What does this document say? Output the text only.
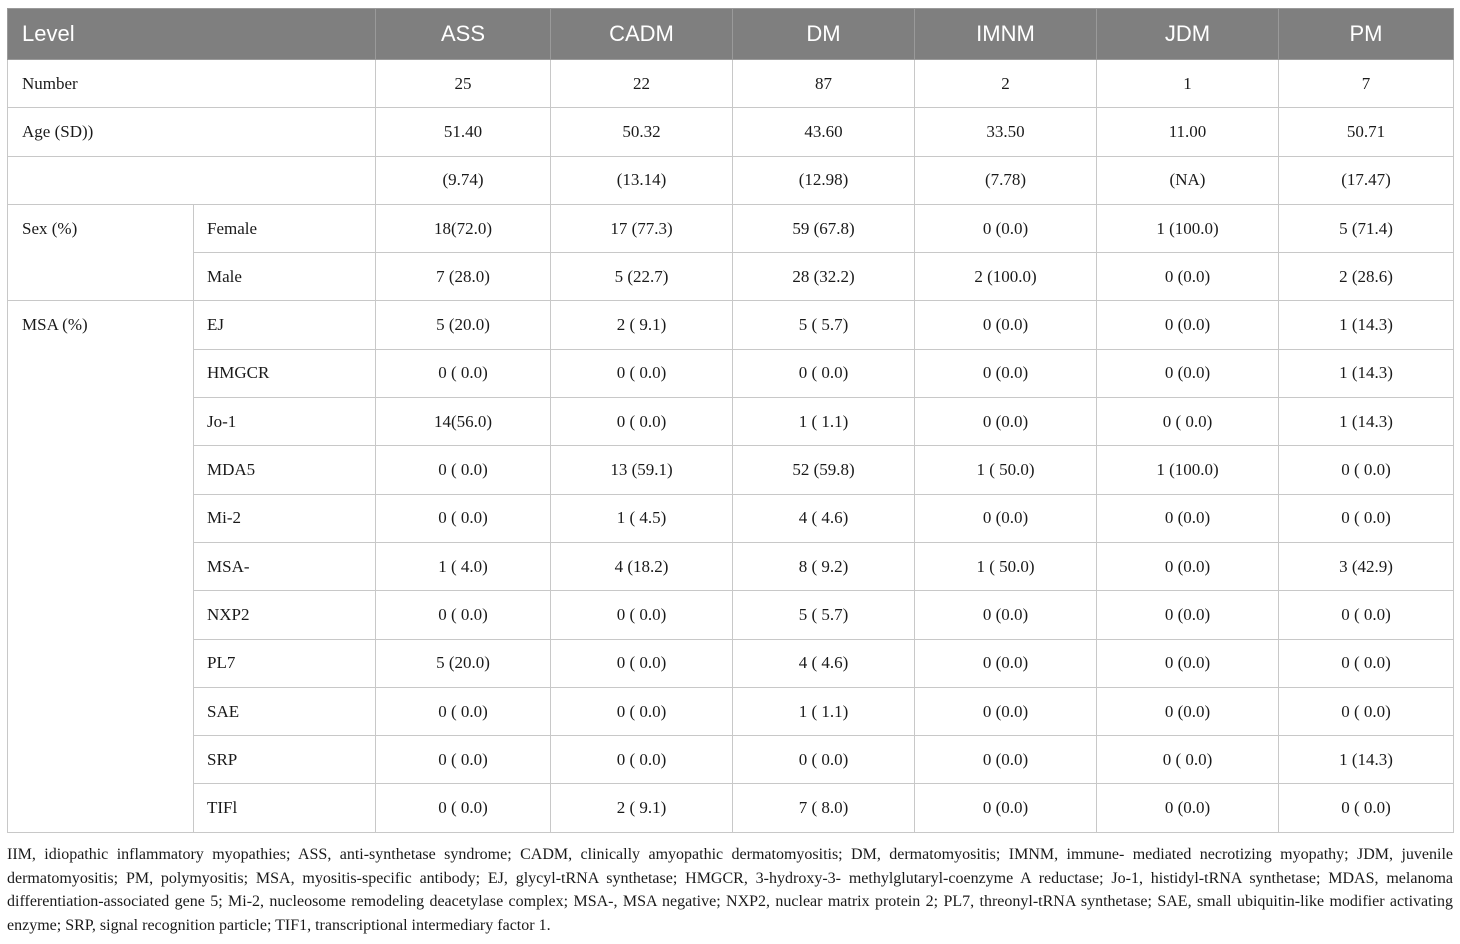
Level		ASS	CADM	DM	IMNM	JDM	PM
Number		25	22	87	2	1	7
Age (SD))		51.40	50.32	43.60	33.50	11.00	50.71
		(9.74)	(13.14)	(12.98)	(7.78)	(NA)	(17.47)
Sex (%)	Female	18(72.0)	17 (77.3)	59 (67.8)	0 (0.0)	1 (100.0)	5 (71.4)
	Male	7 (28.0)	5 (22.7)	28 (32.2)	2 (100.0)	0 (0.0)	2 (28.6)
MSA (%)	EJ	5 (20.0)	2 ( 9.1)	5 ( 5.7)	0 (0.0)	0 (0.0)	1 (14.3)
	HMGCR	0 ( 0.0)	0 ( 0.0)	0 ( 0.0)	0 (0.0)	0 (0.0)	1 (14.3)
	Jo-1	14(56.0)	0 ( 0.0)	1 ( 1.1)	0 (0.0)	0 ( 0.0)	1 (14.3)
	MDA5	0 ( 0.0)	13 (59.1)	52 (59.8)	1 ( 50.0)	1 (100.0)	0 ( 0.0)
	Mi-2	0 ( 0.0)	1 ( 4.5)	4 ( 4.6)	0 (0.0)	0 (0.0)	0 ( 0.0)
	MSA-	1 ( 4.0)	4 (18.2)	8 ( 9.2)	1 ( 50.0)	0 (0.0)	3 (42.9)
	NXP2	0 ( 0.0)	0 ( 0.0)	5 ( 5.7)	0 (0.0)	0 (0.0)	0 ( 0.0)
	PL7	5 (20.0)	0 ( 0.0)	4 ( 4.6)	0 (0.0)	0 (0.0)	0 ( 0.0)
	SAE	0 ( 0.0)	0 ( 0.0)	1 ( 1.1)	0 (0.0)	0 (0.0)	0 ( 0.0)
	SRP	0 ( 0.0)	0 ( 0.0)	0 ( 0.0)	0 (0.0)	0 ( 0.0)	1 (14.3)
	TIFl	0 ( 0.0)	2 ( 9.1)	7 ( 8.0)	0 (0.0)	0 (0.0)	0 ( 0.0)
IIM, idiopathic inflammatory myopathies; ASS, anti-synthetase syndrome; CADM, clinically amyopathic dermatomyositis; DM, dermatomyositis; IMNM, immune- mediated necrotizing myopathy; JDM, juvenile dermatomyositis; PM, polymyositis; MSA, myositis-specific antibody; EJ, glycyl-tRNA synthetase; HMGCR, 3-hydroxy-3- methylglutaryl-coenzyme A reductase; Jo-1, histidyl-tRNA synthetase; MDAS, melanoma differentiation-associated gene 5; Mi-2, nucleosome remodeling deacetylase complex; MSA-, MSA negative; NXP2, nuclear matrix protein 2; PL7, threonyl-tRNA synthetase; SAE, small ubiquitin-like modifier activating enzyme; SRP, signal recognition particle; TIF1, transcriptional intermediary factor 1.
